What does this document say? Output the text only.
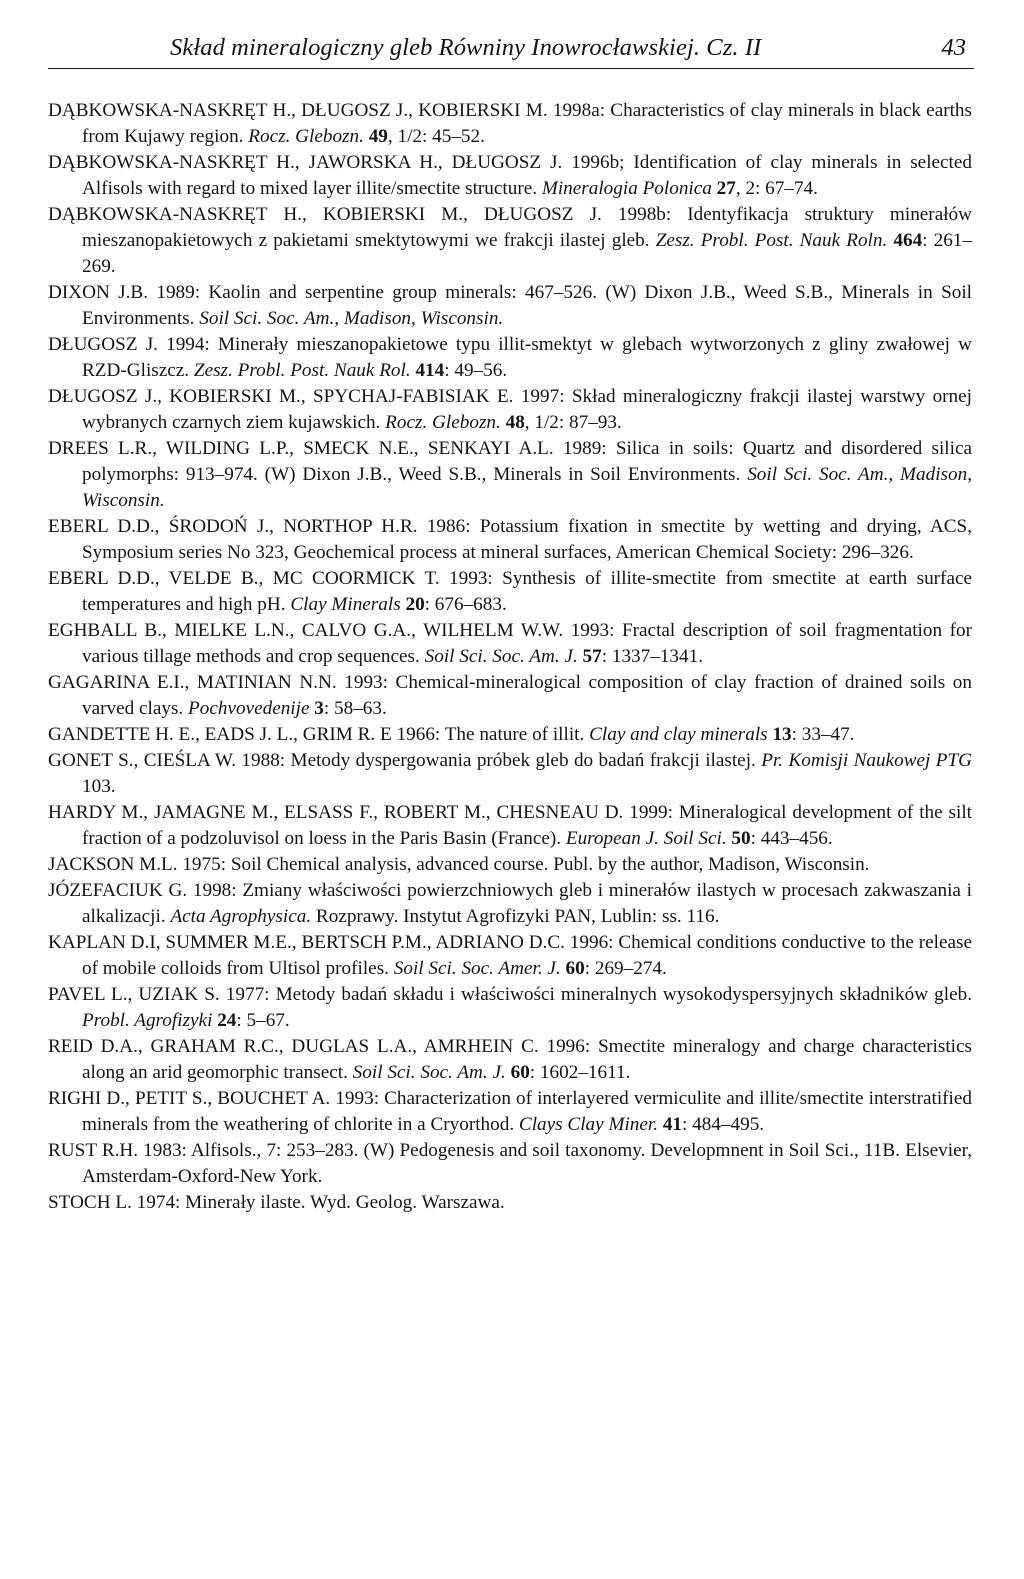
Skład mineralogiczny gleb Równiny Inowrocławskiej. Cz. II	43
DĄBKOWSKA-NASKRĘT H., DŁUGOSZ J., KOBIERSKI M. 1998a: Characteristics of clay minerals in black earths from Kujawy region. Rocz. Glebozn. 49, 1/2: 45–52.
DĄBKOWSKA-NASKRĘT H., JAWORSKA H., DŁUGOSZ J. 1996b; Identification of clay minerals in selected Alfisols with regard to mixed layer illite/smectite structure. Mineralogia Polonica 27, 2: 67–74.
DĄBKOWSKA-NASKRĘT H., KOBIERSKI M., DŁUGOSZ J. 1998b: Identyfikacja struktury minerałów mieszanopakietowych z pakietami smektytowymi we frakcji ilastej gleb. Zesz. Probl. Post. Nauk Roln. 464: 261–269.
DIXON J.B. 1989: Kaolin and serpentine group minerals: 467–526. (W) Dixon J.B., Weed S.B., Minerals in Soil Environments. Soil Sci. Soc. Am., Madison, Wisconsin.
DŁUGOSZ J. 1994: Minerały mieszanopakietowe typu illit-smektyt w glebach wytworzonych z gliny zwałowej w RZD-Gliszcz. Zesz. Probl. Post. Nauk Rol. 414: 49–56.
DŁUGOSZ J., KOBIERSKI M., SPYCHAJ-FABISIAK E. 1997: Skład mineralogiczny frakcji ilastej warstwy ornej wybranych czarnych ziem kujawskich. Rocz. Glebozn. 48, 1/2: 87–93.
DREES L.R., WILDING L.P., SMECK N.E., SENKAYI A.L. 1989: Silica in soils: Quartz and disordered silica polymorphs: 913–974. (W) Dixon J.B., Weed S.B., Minerals in Soil Environments. Soil Sci. Soc. Am., Madison, Wisconsin.
EBERL D.D., ŚRODOŃ J., NORTHOP H.R. 1986: Potassium fixation in smectite by wetting and drying, ACS, Symposium series No 323, Geochemical process at mineral surfaces, American Chemical Society: 296–326.
EBERL D.D., VELDE B., MC COORMICK T. 1993: Synthesis of illite-smectite from smectite at earth surface temperatures and high pH. Clay Minerals 20: 676–683.
EGHBALL B., MIELKE L.N., CALVO G.A., WILHELM W.W. 1993: Fractal description of soil fragmentation for various tillage methods and crop sequences. Soil Sci. Soc. Am. J. 57: 1337–1341.
GAGARINA E.I., MATINIAN N.N. 1993: Chemical-mineralogical composition of clay fraction of drained soils on varved clays. Pochvovedenije 3: 58–63.
GANDETTE H. E., EADS J. L., GRIM R. E 1966: The nature of illit. Clay and clay minerals 13: 33–47.
GONET S., CIEŚLA W. 1988: Metody dyspergowania próbek gleb do badań frakcji ilastej. Pr. Komisji Naukowej PTG 103.
HARDY M., JAMAGNE M., ELSASS F., ROBERT M., CHESNEAU D. 1999: Mineralogical development of the silt fraction of a podzoluvisol on loess in the Paris Basin (France). European J. Soil Sci. 50: 443–456.
JACKSON M.L. 1975: Soil Chemical analysis, advanced course. Publ. by the author, Madison, Wisconsin.
JÓZEFACIUK G. 1998: Zmiany właściwości powierzchniowych gleb i minerałów ilastych w procesach zakwaszania i alkalizacji. Acta Agrophysica. Rozprawy. Instytut Agrofizyki PAN, Lublin: ss. 116.
KAPLAN D.I, SUMMER M.E., BERTSCH P.M., ADRIANO D.C. 1996: Chemical conditions conductive to the release of mobile colloids from Ultisol profiles. Soil Sci. Soc. Amer. J. 60: 269–274.
PAVEL L., UZIAK S. 1977: Metody badań składu i właściwości mineralnych wysokodyspersyjnych składników gleb. Probl. Agrofizyki 24: 5–67.
REID D.A., GRAHAM R.C., DUGLAS L.A., AMRHEIN C. 1996: Smectite mineralogy and charge characteristics along an arid geomorphic transect. Soil Sci. Soc. Am. J. 60: 1602–1611.
RIGHI D., PETIT S., BOUCHET A. 1993: Characterization of interlayered vermiculite and illite/smectite interstratified minerals from the weathering of chlorite in a Cryorthod. Clays Clay Miner. 41: 484–495.
RUST R.H. 1983: Alfisols., 7: 253–283. (W) Pedogenesis and soil taxonomy. Developmnent in Soil Sci., 11B. Elsevier, Amsterdam-Oxford-New York.
STOCH L. 1974: Minerały ilaste. Wyd. Geolog. Warszawa.
